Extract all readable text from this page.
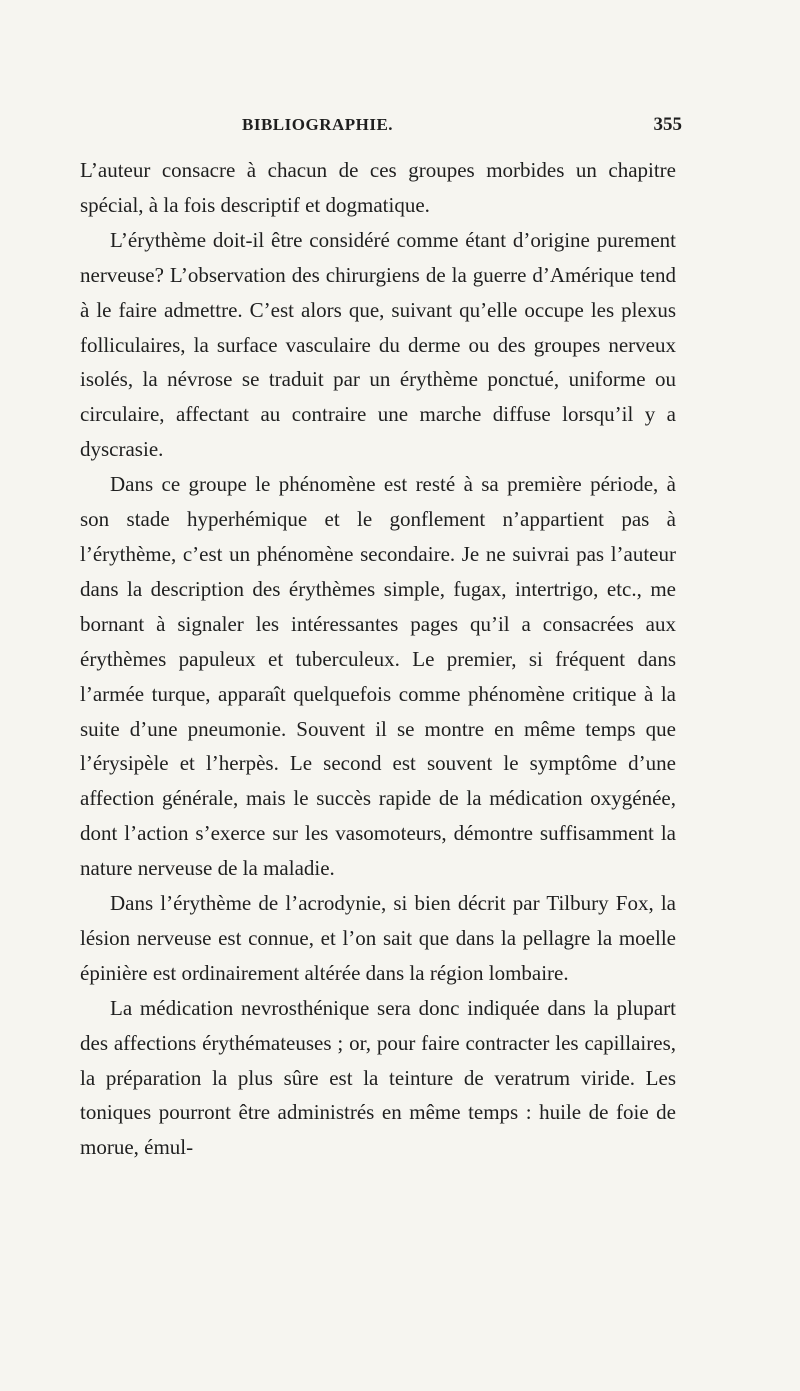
BIBLIOGRAPHIE.	355

L’auteur consacre à chacun de ces groupes morbides un chapitre spécial, à la fois descriptif et dogmatique.

L’érythème doit-il être considéré comme étant d’origine purement nerveuse? L’observation des chirurgiens de la guerre d’Amérique tend à le faire admettre. C’est alors que, suivant qu’elle occupe les plexus folliculaires, la surface vasculaire du derme ou des groupes nerveux isolés, la névrose se traduit par un érythème ponctué, uniforme ou circulaire, affectant au contraire une marche diffuse lorsqu’il y a dyscrasie.

Dans ce groupe le phénomène est resté à sa première période, à son stade hyperhémique et le gonflement n’appartient pas à l’érythème, c’est un phénomène secondaire. Je ne suivrai pas l’auteur dans la description des érythèmes simple, fugax, intertrigo, etc., me bornant à signaler les intéressantes pages qu’il a consacrées aux érythèmes papuleux et tuberculeux. Le premier, si fréquent dans l’armée turque, apparaît quelquefois comme phénomène critique à la suite d’une pneumonie. Souvent il se montre en même temps que l’érysipèle et l’herpès. Le second est souvent le symptôme d’une affection générale, mais le succès rapide de la médication oxygénée, dont l’action s’exerce sur les vasomoteurs, démontre suffisamment la nature nerveuse de la maladie.

Dans l’érythème de l’acrodynie, si bien décrit par Tilbury Fox, la lésion nerveuse est connue, et l’on sait que dans la pellagre la moelle épinière est ordinairement altérée dans la région lombaire.

La médication nevrosthénique sera donc indiquée dans la plupart des affections érythémateuses ; or, pour faire contracter les capillaires, la préparation la plus sûre est la teinture de veratrum viride. Les toniques pourront être administrés en même temps : huile de foie de morue, émul-
